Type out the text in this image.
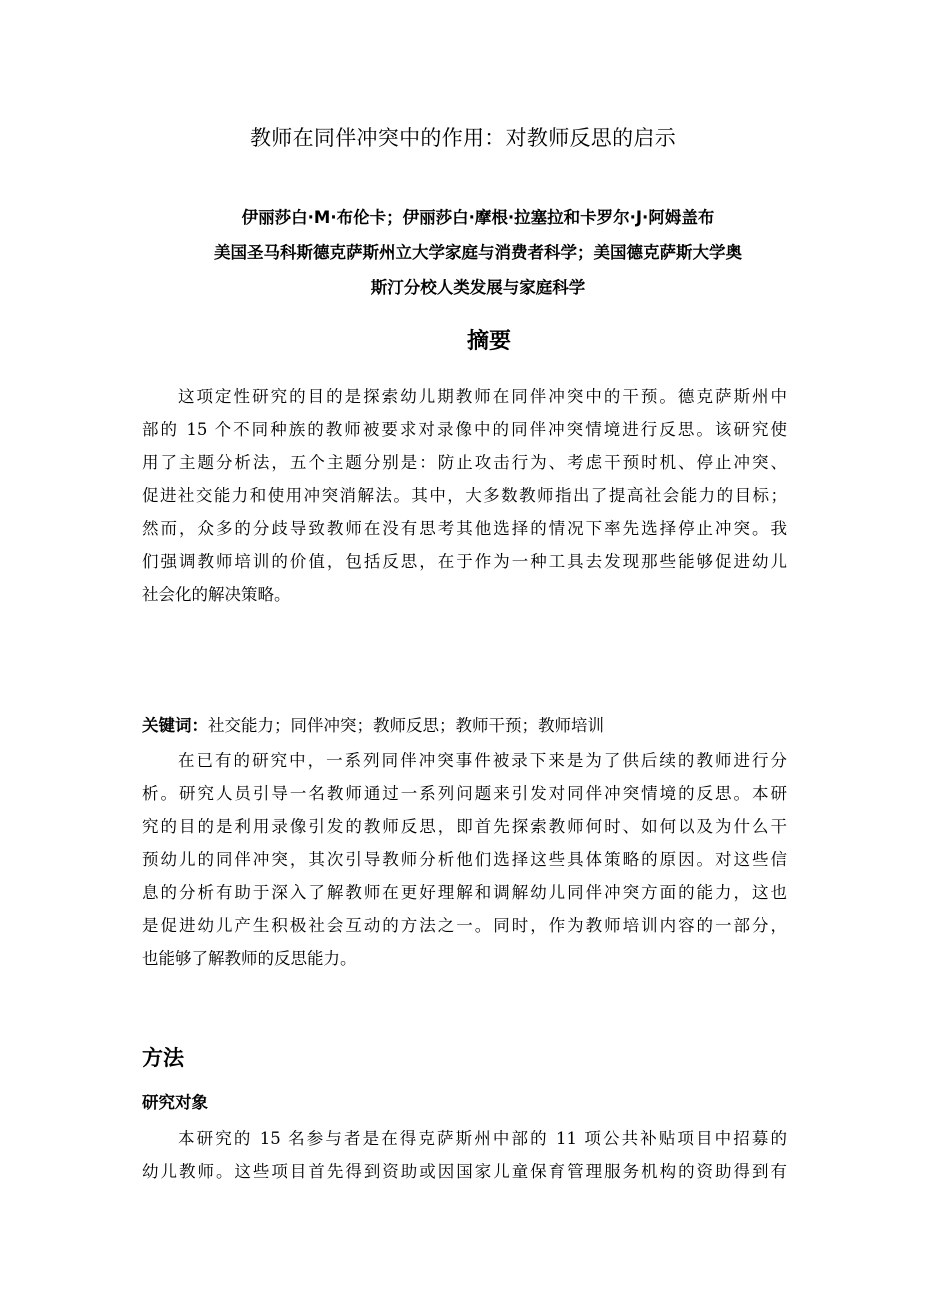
教师在同伴冲突中的作用：对教师反思的启示
伊丽莎白·M·布伦卡；伊丽莎白·摩根·拉塞拉和卡罗尔·J·阿姆盖布
美国圣马科斯德克萨斯州立大学家庭与消费者科学；美国德克萨斯大学奥
斯汀分校人类发展与家庭科学
摘要
这项定性研究的目的是探索幼儿期教师在同伴冲突中的干预。德克萨斯州中
部的 15 个不同种族的教师被要求对录像中的同伴冲突情境进行反思。该研究使
用了主题分析法，五个主题分别是：防止攻击行为、考虑干预时机、停止冲突、
促进社交能力和使用冲突消解法。其中，大多数教师指出了提高社会能力的目标；
然而，众多的分歧导致教师在没有思考其他选择的情况下率先选择停止冲突。我
们强调教师培训的价值，包括反思，在于作为一种工具去发现那些能够促进幼儿
社会化的解决策略。
关键词：社交能力；同伴冲突；教师反思；教师干预；教师培训
在已有的研究中，一系列同伴冲突事件被录下来是为了供后续的教师进行分
析。研究人员引导一名教师通过一系列问题来引发对同伴冲突情境的反思。本研
究的目的是利用录像引发的教师反思，即首先探索教师何时、如何以及为什么干
预幼儿的同伴冲突，其次引导教师分析他们选择这些具体策略的原因。对这些信
息的分析有助于深入了解教师在更好理解和调解幼儿同伴冲突方面的能力，这也
是促进幼儿产生积极社会互动的方法之一。同时，作为教师培训内容的一部分，
也能够了解教师的反思能力。
方法
研究对象
本研究的 15 名参与者是在得克萨斯州中部的 11 项公共补贴项目中招募的
幼儿教师。这些项目首先得到资助或因国家儿童保育管理服务机构的资助得到有
